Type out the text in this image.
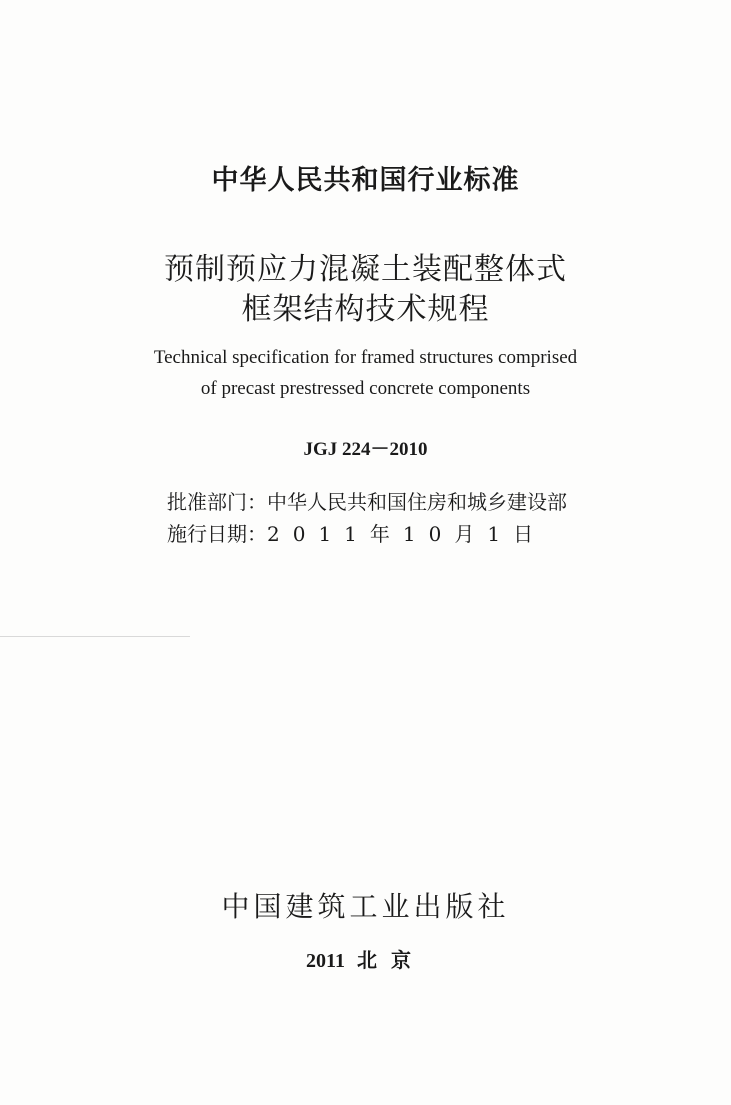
中华人民共和国行业标准
预制预应力混凝土装配整体式
框架结构技术规程
Technical specification for framed structures comprised
of precast prestressed concrete components
JGJ 224－2010
批准部门：中华人民共和国住房和城乡建设部
施行日期：2011年10月1日
中国建筑工业出版社
2011 北京
